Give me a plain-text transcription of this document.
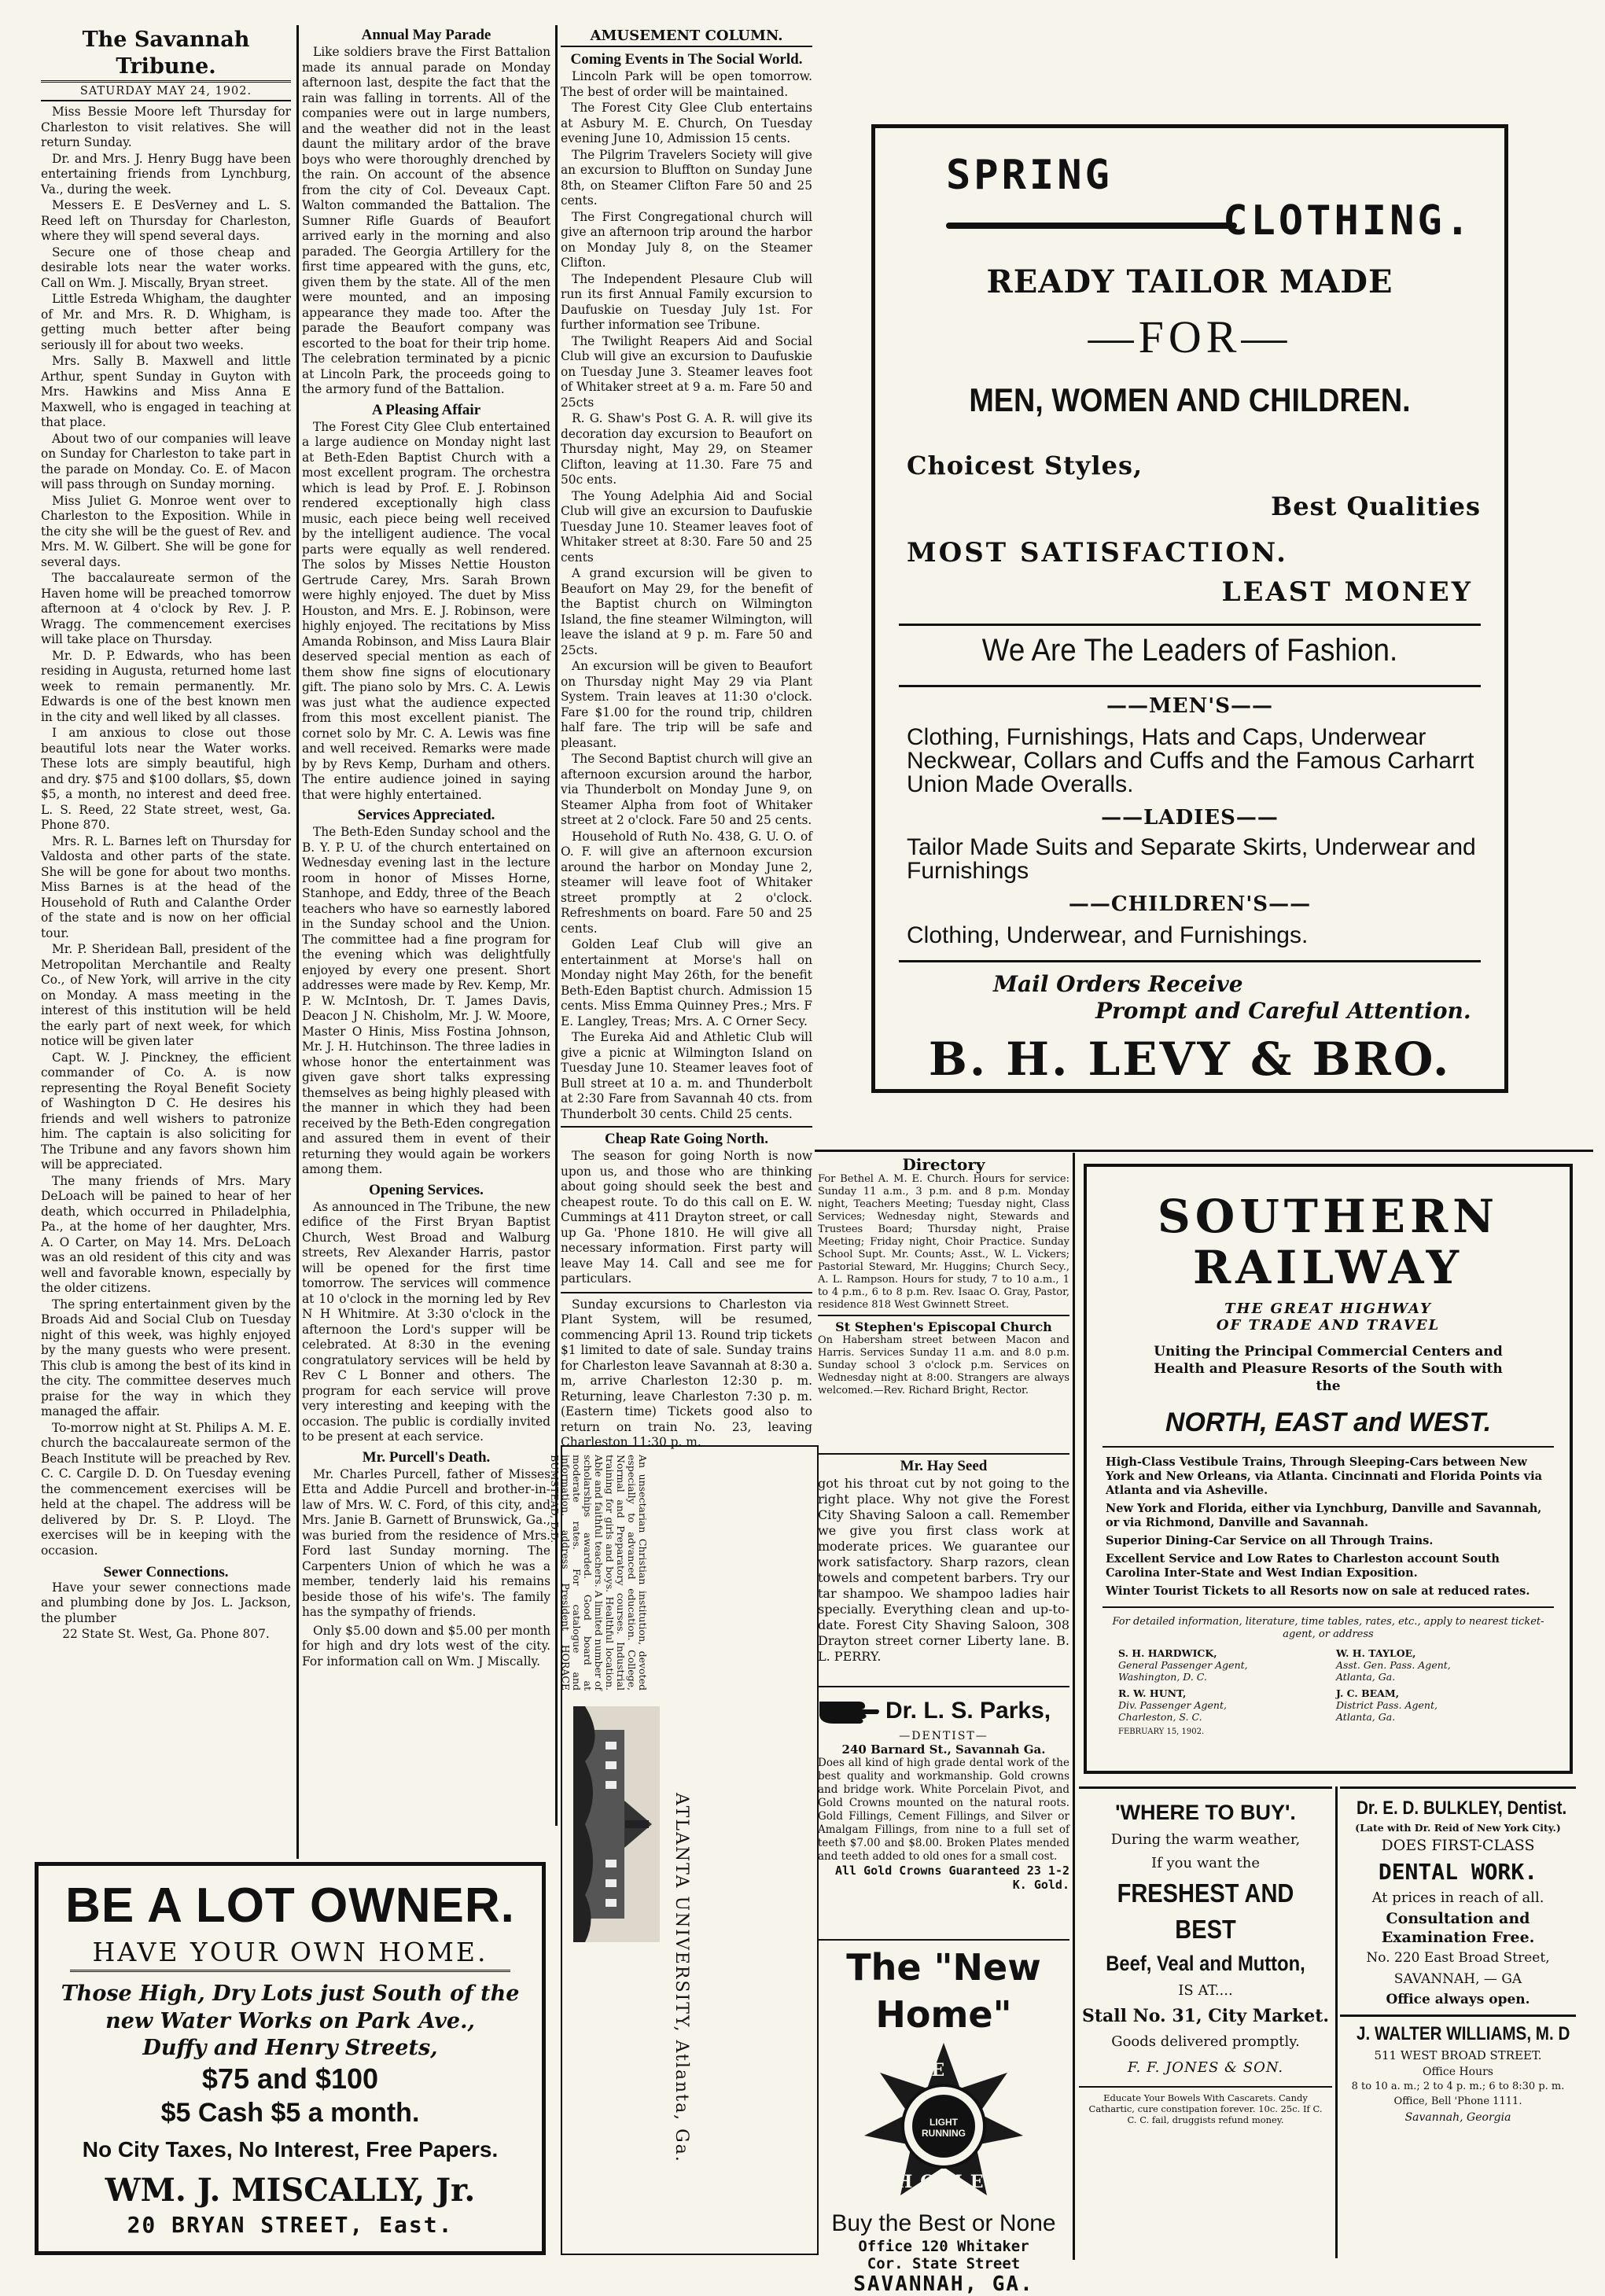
The Savannah Tribune.
SATURDAY MAY 24, 1902.

Miss Bessie Moore left Thursday for Charleston to visit relatives. She will return Sunday.

Dr. and Mrs. J. Henry Bugg have been entertaining friends from Lynchburg, Va., during the week.

Messers E. E DesVerney and L. S. Reed left on Thursday for Charleston, where they will spend several days.

Secure one of those cheap and desirable lots near the water works. Call on Wm. J. Miscally, Bryan street.

Little Estreda Whigham, the daughter of Mr. and Mrs. R. D. Whigham, is getting much better after being seriously ill for about two weeks.

Mrs. Sally B. Maxwell and little Arthur, spent Sunday in Guyton with Mrs. Hawkins and Miss Anna E Maxwell, who is engaged in teaching at that place.

About two of our companies will leave on Sunday for Charleston to take part in the parade on Monday. Co. E. of Macon will pass through on Sunday morning.

Miss Juliet G. Monroe went over to Charleston to the Exposition. While in the city she will be the guest of Rev. and Mrs. M. W. Gilbert. She will be gone for several days.

The baccalaureate sermon of the Haven home will be preached tomorrow afternoon at 4 o'clock by Rev. J. P. Wragg. The commencement exercises will take place on Thursday.

Mr. D. P. Edwards, who has been residing in Augusta, returned home last week to remain permanently. Mr. Edwards is one of the best known men in the city and well liked by all classes.

I am anxious to close out those beautiful lots near the Water works. These lots are simply beautiful, high and dry. $75 and $100 dollars, $5, down $5, a month, no interest and deed free. L. S. Reed, 22 State street, west, Ga. Phone 870.

Mrs. R. L. Barnes left on Thursday for Valdosta and other parts of the state. She will be gone for about two months. Miss Barnes is at the head of the Household of Ruth and Calanthe Order of the state and is now on her official tour.

Mr. P. Sheridean Ball, president of the Metropolitan Merchantile and Realty Co., of New York, will arrive in the city on Monday. A mass meeting in the interest of this institution will be held the early part of next week, for which notice will be given later

Capt. W. J. Pinckney, the efficient commander of Co. A. is now representing the Royal Benefit Society of Washington D C. He desires his friends and well wishers to patronize him. The captain is also soliciting for The Tribune and any favors shown him will be appreciated.

The many friends of Mrs. Mary DeLoach will be pained to hear of her death, which occurred in Philadelphia, Pa., at the home of her daughter, Mrs. A. O Carter, on May 14. Mrs. DeLoach was an old resident of this city and was well and favorable known, especially by the older citizens.

The spring entertainment given by the Broads Aid and Social Club on Tuesday night of this week, was highly enjoyed by the many guests who were present. This club is among the best of its kind in the city. The committee deserves much praise for the way in which they managed the affair.

To-morrow night at St. Philips A. M. E. church the baccalaureate sermon of the Beach Institute will be preached by Rev. C. C. Cargile D. D. On Tuesday evening the commencement exercises will be held at the chapel. The address will be delivered by Dr. S. P. Lloyd. The exercises will be in keeping with the occasion.

Sewer Connections.

Have your sewer connections made and plumbing done by Jos. L. Jackson, the plumber

22 State St. West, Ga. Phone 807.
Annual May Parade

Like soldiers brave the First Battalion made its annual parade on Monday afternoon last, despite the fact that the rain was falling in torrents. All of the companies were out in large numbers, and the weather did not in the least daunt the military ardor of the brave boys who were thoroughly drenched by the rain. On account of the absence from the city of Col. Deveaux Capt. Walton commanded the Battalion. The Sumner Rifle Guards of Beaufort arrived early in the morning and also paraded. The Georgia Artillery for the first time appeared with the guns, etc, given them by the state. All of the men were mounted, and an imposing appearance they made too. After the parade the Beaufort company was escorted to the boat for their trip home. The celebration terminated by a picnic at Lincoln Park, the proceeds going to the armory fund of the Battalion.

A Pleasing Affair

The Forest City Glee Club entertained a large audience on Monday night last at Beth-Eden Baptist Church with a most excellent program. The orchestra which is lead by Prof. E. J. Robinson rendered exceptionally high class music, each piece being well received by the intelligent audience. The vocal parts were equally as well rendered. The solos by Misses Nettie Houston Gertrude Carey, Mrs. Sarah Brown were highly enjoyed. The duet by Miss Houston, and Mrs. E. J. Robinson, were highly enjoyed. The recitations by Miss Amanda Robinson, and Miss Laura Blair deserved special mention as each of them show fine signs of elocutionary gift. The piano solo by Mrs. C. A. Lewis was just what the audience expected from this most excellent pianist. The cornet solo by Mr. C. A. Lewis was fine and well received. Remarks were made by by Revs Kemp, Durham and others. The entire audience joined in saying that were highly entertained.

Services Appreciated.

The Beth-Eden Sunday school and the B. Y. P. U. of the church entertained on Wednesday evening last in the lecture room in honor of Misses Horne, Stanhope, and Eddy, three of the Beach teachers who have so earnestly labored in the Sunday school and the Union. The committee had a fine program for the evening which was delightfully enjoyed by every one present. Short addresses were made by Rev. Kemp, Mr. P. W. McIntosh, Dr. T. James Davis, Deacon J N. Chisholm, Mr. J. W. Moore, Master O Hinis, Miss Fostina Johnson, Mr. J. H. Hutchinson. The three ladies in whose honor the entertainment was given gave short talks expressing themselves as being highly pleased with the manner in which they had been received by the Beth-Eden congregation and assured them in event of their returning they would again be workers among them.

Opening Services.

As announced in The Tribune, the new edifice of the First Bryan Baptist Church, West Broad and Walburg streets, Rev Alexander Harris, pastor will be opened for the first time tomorrow. The services will commence at 10 o'clock in the morning led by Rev N H Whitmire. At 3:30 o'clock in the afternoon the Lord's supper will be celebrated. At 8:30 in the evening congratulatory services will be held by Rev C L Bonner and others. The program for each service will prove very interesting and keeping with the occasion. The public is cordially invited to be present at each service.

Mr. Purcell's Death.

Mr. Charles Purcell, father of Misses Etta and Addie Purcell and brother-in-law of Mrs. W. C. Ford, of this city, and Mrs. Janie B. Garnett of Brunswick, Ga., was buried from the residence of Mrs. Ford last Sunday morning. The Carpenters Union of which he was a member, tenderly laid his remains beside those of his wife's. The family has the sympathy of friends.

Only $5.00 down and $5.00 per month for high and dry lots west of the city. For information call on Wm. J Miscally.

AMUSEMENT COLUMN.
Coming Events in The Social World.

Lincoln Park will be open tomorrow. The best of order will be maintained.

The Forest City Glee Club entertains at Asbury M. E. Church, On Tuesday evening June 10, Admission 15 cents.

The Pilgrim Travelers Society will give an excursion to Bluffton on Sunday June 8th, on Steamer Clifton Fare 50 and 25 cents.

The First Congregational church will give an afternoon trip around the harbor on Monday July 8, on the Steamer Clifton.

The Independent Plesaure Club will run its first Annual Family excursion to Daufuskie on Tuesday July 1st. For further information see Tribune.

The Twilight Reapers Aid and Social Club will give an excursion to Daufuskie on Tuesday June 3. Steamer leaves foot of Whitaker street at 9 a. m. Fare 50 and 25cts

R. G. Shaw's Post G. A. R. will give its decoration day excursion to Beaufort on Thursday night, May 29, on Steamer Clifton, leaving at 11.30. Fare 75 and 50c ents.

The Young Adelphia Aid and Social Club will give an excursion to Daufuskie Tuesday June 10. Steamer leaves foot of Whitaker street at 8:30. Fare 50 and 25 cents

A grand excursion will be given to Beaufort on May 29, for the benefit of the Baptist church on Wilmington Island, the fine steamer Wilmington, will leave the island at 9 p. m. Fare 50 and 25cts.

An excursion will be given to Beaufort on Thursday night May 29 via Plant System. Train leaves at 11:30 o'clock. Fare $1.00 for the round trip, children half fare. The trip will be safe and pleasant.

The Second Baptist church will give an afternoon excursion around the harbor, via Thunderbolt on Monday June 9, on Steamer Alpha from foot of Whitaker street at 2 o'clock. Fare 50 and 25 cents.

Household of Ruth No. 438, G. U. O. of O. F. will give an afternoon excursion around the harbor on Monday June 2, steamer will leave foot of Whitaker street promptly at 2 o'clock. Refreshments on board. Fare 50 and 25 cents.

Golden Leaf Club will give an entertainment at Morse's hall on Monday night May 26th, for the benefit Beth-Eden Baptist church. Admission 15 cents. Miss Emma Quinney Pres.; Mrs. F E. Langley, Treas; Mrs. A. C Orner Secy.

The Eureka Aid and Athletic Club will give a picnic at Wilmington Island on Tuesday June 10. Steamer leaves foot of Bull street at 10 a. m. and Thunderbolt at 2:30 Fare from Savannah 40 cts. from Thunderbolt 30 cents. Child 25 cents.

Cheap Rate Going North.

The season for going North is now upon us, and those who are thinking about going should seek the best and cheapest route. To do this call on E. W. Cummings at 411 Drayton street, or call up Ga. 'Phone 1810. He will give all necessary information. First party will leave May 14. Call and see me for particulars.

Sunday excursions to Charleston via Plant System, will be resumed, commencing April 13. Round trip tickets $1 limited to date of sale. Sunday trains for Charleston leave Savannah at 8:30 a. m, arrive Charleston 12:30 p. m. Returning, leave Charleston 7:30 p. m. (Eastern time) Tickets good also to return on train No. 23, leaving Charleston 11:30 p. m.

An unsectarian Christian institution, devoted especially to advanced education. College, Normal and Preparatory courses. Industrial training for girls and boys. Healthful location. Able and faithful teachers. A limited number of scholarships awarded. Good board at moderate rates. For catalogue and information, address President HORACE BUMSTEAD, D.D.
ATLANTA UNIVERSITY, Atlanta, Ga.
BE A LOT OWNER.
HAVE YOUR OWN HOME.
Those High, Dry Lots just South of the
new Water Works on Park Ave.,
Duffy and Henry Streets,
$75 and $100
$5 Cash $5 a month.
No City Taxes, No Interest, Free Papers.
WM. J. MISCALLY, Jr.
20 BRYAN STREET, East.
SPRING
CLOTHING.
READY TAILOR MADE
—FOR—
MEN, WOMEN AND CHILDREN.
Choicest Styles,
Best Qualities
MOST SATISFACTION.
LEAST MONEY
We Are The Leaders of Fashion.
——MEN'S——
Clothing, Furnishings, Hats and Caps, Underwear Neckwear, Collars and Cuffs and the Famous Carharrt Union Made Overalls.
——LADIES——
Tailor Made Suits and Separate Skirts, Underwear and Furnishings
——CHILDREN'S——
Clothing, Underwear, and Furnishings.
Mail Orders Receive
Prompt and Careful Attention.
B. H. LEVY & BRO.
Directory
For Bethel A. M. E. Church. Hours for service: Sunday 11 a.m., 3 p.m. and 8 p.m. Monday night, Teachers Meeting; Tuesday night, Class Services; Wednesday night, Stewards and Trustees Board; Thursday night, Praise Meeting; Friday night, Choir Practice. Sunday School Supt. Mr. Counts; Asst., W. L. Vickers; Pastorial Steward, Mr. Huggins; Church Secy., A. L. Rampson. Hours for study, 7 to 10 a.m., 1 to 4 p.m., 6 to 8 p.m. Rev. Isaac O. Gray, Pastor, residence 818 West Gwinnett Street.
St Stephen's Episcopal Church
On Habersham street between Macon and Harris. Services Sunday 11 a.m. and 8.0 p.m. Sunday school 3 o'clock p.m. Services on Wednesday night at 8:00. Strangers are always welcomed.—Rev. Richard Bright, Rector.
Mr. Hay Seed
got his throat cut by not going to the right place. Why not give the Forest City Shaving Saloon a call. Remember we give you first class work at moderate prices. We guarantee our work satisfactory. Sharp razors, clean towels and competent barbers. Try our tar shampoo. We shampoo ladies hair specially. Everything clean and up-to-date. Forest City Shaving Saloon, 308 Drayton street corner Liberty lane. B. L. PERRY.
Dr. L. S. Parks,
—DENTIST—
240 Barnard St., Savannah Ga.
Does all kind of high grade dental work of the best quality and workmanship. Gold crowns and bridge work. White Porcelain Pivot, and Gold Crowns mounted on the natural roots. Gold Fillings, Cement Fillings, and Silver or Amalgam Fillings, from nine to a full set of teeth $7.00 and $8.00. Broken Plates mended and teeth added to old ones for a small cost.
All Gold Crowns Guaranteed 23 1-2 K. Gold.
The "New Home"
NEW
LIGHT RUNNING
HOME
Buy the Best or None
Office 120 Whitaker
Cor. State Street
SAVANNAH, GA.
SOUTHERN
RAILWAY
THE GREAT HIGHWAY
OF TRADE AND TRAVEL
Uniting the Principal Commercial Centers and Health and Pleasure Resorts of the South with the
NORTH, EAST and WEST.
High-Class Vestibule Trains, Through Sleeping-Cars between New York and New Orleans, via Atlanta. Cincinnati and Florida Points via Atlanta and via Asheville.
New York and Florida, either via Lynchburg, Danville and Savannah, or via Richmond, Danville and Savannah.
Superior Dining-Car Service on all Through Trains.
Excellent Service and Low Rates to Charleston account South Carolina Inter-State and West Indian Exposition.
Winter Tourist Tickets to all Resorts now on sale at reduced rates.
For detailed information, literature, time tables, rates, etc., apply to nearest ticket-agent, or address
S. H. HARDWICK,
General Passenger Agent,
Washington, D. C.
W. H. TAYLOE,
Asst. Gen. Pass. Agent,
Atlanta, Ga.
R. W. HUNT,
Div. Passenger Agent,
Charleston, S. C.
J. C. BEAM,
District Pass. Agent,
Atlanta, Ga.
FEBRUARY 15, 1902.
'WHERE TO BUY'.
During the warm weather,
If you want the
FRESHEST AND BEST
Beef, Veal and Mutton,
IS AT....
Stall No. 31, City Market.
Goods delivered promptly.
F. F. JONES & SON.
Educate Your Bowels With Cascarets. Candy Cathartic, cure constipation forever. 10c. 25c. If C. C. C. fail, druggists refund money.
Dr. E. D. BULKLEY, Dentist.
(Late with Dr. Reid of New York City.)
DOES FIRST-CLASS
DENTAL WORK.
At prices in reach of all.
Consultation and Examination Free.
No. 220 East Broad Street,
SAVANNAH, — GA
Office always open.
J. WALTER WILLIAMS, M. D
511 WEST BROAD STREET.
Office Hours
8 to 10 a. m.; 2 to 4 p. m.; 6 to 8:30 p. m.
Office, Bell 'Phone 1111.
Savannah, Georgia
